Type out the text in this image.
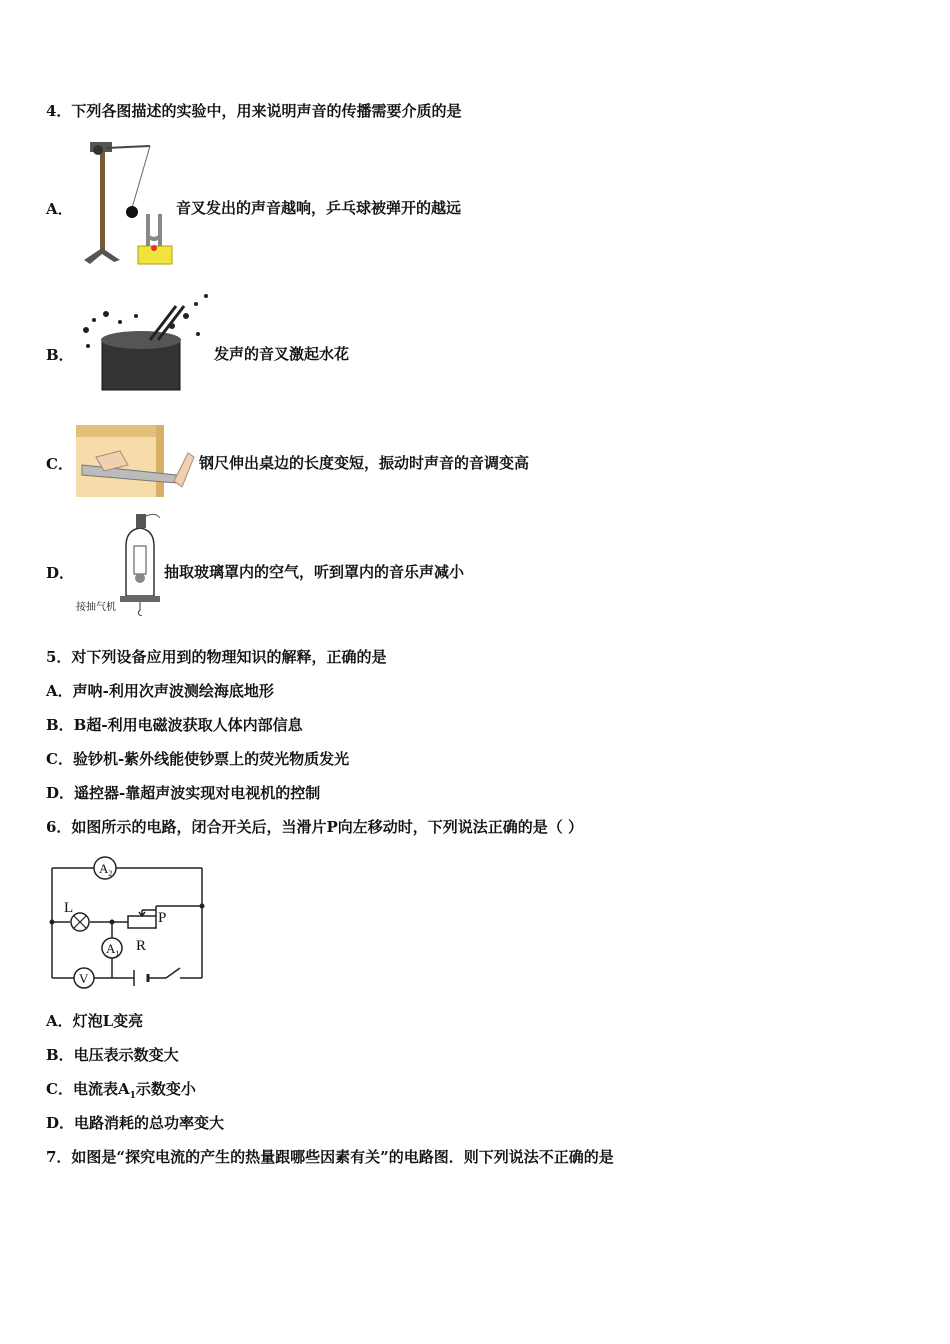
4．下列各图描述的实验中，用来说明声音的传播需要介质的是
A．	音叉发出的声音越响，乒乓球被弹开的越远
B．	发声的音叉激起水花
C．	钢尺伸出桌边的长度变短，振动时声音的音调变高
D．
接抽气机
抽取玻璃罩内的空气，听到罩内的音乐声减小
5．对下列设备应用到的物理知识的解释，正确的是
A．声呐-利用次声波测绘海底地形
B．B超-利用电磁波获取人体内部信息
C．验钞机-紫外线能使钞票上的荧光物质发光
D．遥控器-靠超声波实现对电视机的控制
6．如图所示的电路，闭合开关后，当滑片P向左移动时，下列说法正确的是（ ）
$A_2$
$A_1$
V
L
P
R
A．灯泡L变亮
B．电压表示数变大
C．电流表$A_1$示数变小
D．电路消耗的总功率变大
7．如图是“探究电流的产生的热量跟哪些因素有关”的电路图．则下列说法不正确的是
